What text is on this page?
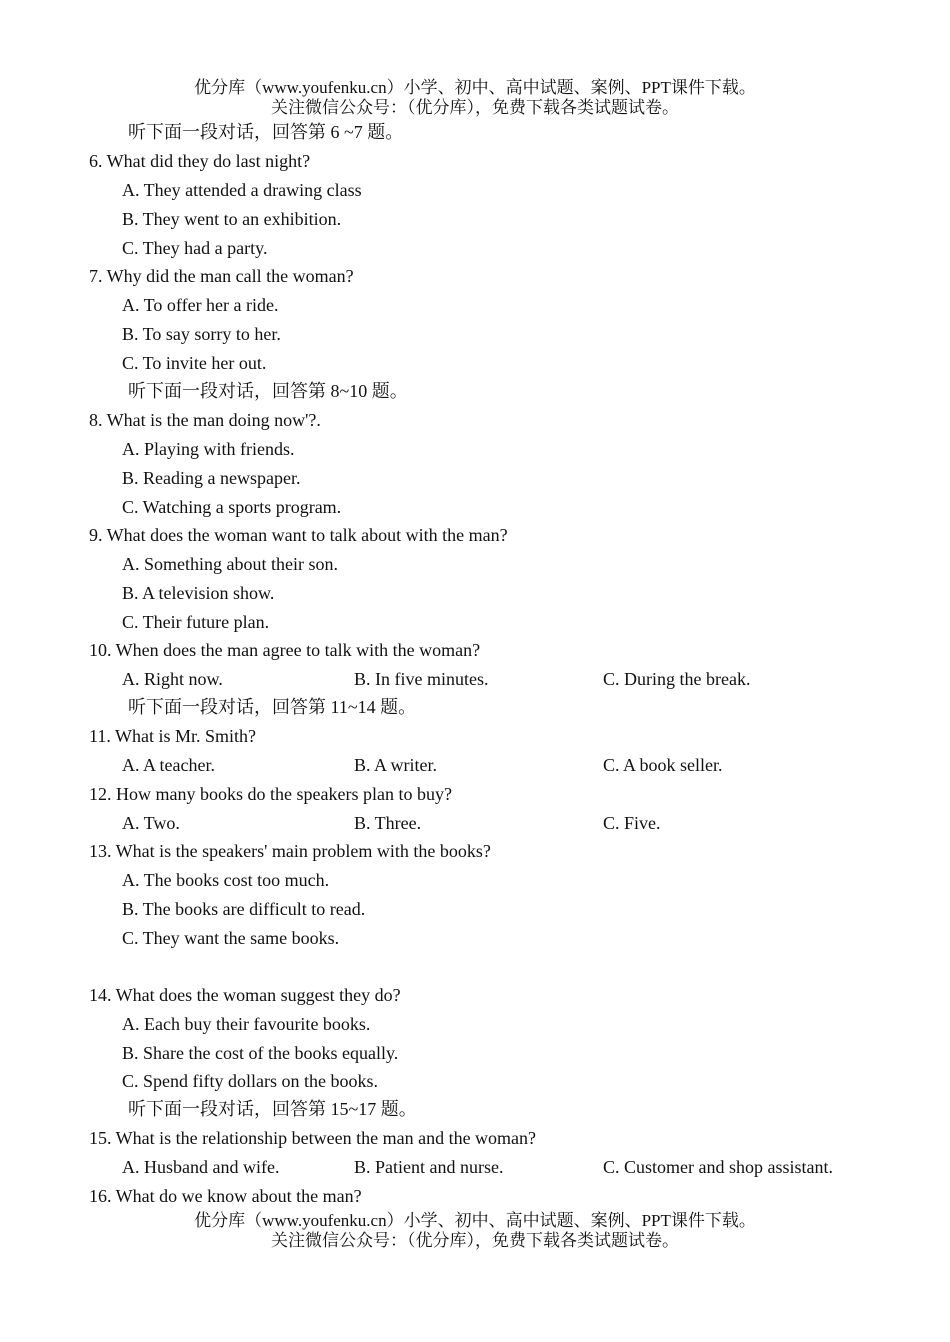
优分库（www.youfenku.cn）小学、初中、高中试题、案例、PPT课件下载。
关注微信公众号：（优分库），免费下载各类试题试卷。
听下面一段对话，回答第 6 ~7 题。
6. What did they do last night?
A. They attended a drawing class
B. They went to an exhibition.
C. They had a party.
7. Why did the man call the woman?
A. To offer her a ride.
B. To say sorry to her.
C. To invite her out.
听下面一段对话，回答第 8~10 题。
8. What is the man doing now'?.
A. Playing with friends.
B. Reading a newspaper.
C. Watching a sports program.
9. What does the woman want to talk about with the man?
A. Something about their son.
B. A television show.
C. Their future plan.
10. When does the man agree to talk with the woman?
A. Right now.	B. In five minutes.	C. During the break.
听下面一段对话，回答第 11~14 题。
11. What is Mr. Smith?
A. A teacher.	B. A writer.	C. A book seller.
12. How many books do the speakers plan to buy?
A. Two.	B. Three.	C. Five.
13. What is the speakers' main problem with the books?
A. The books cost too much.
B. The books are difficult to read.
C. They want the same books.
14. What does the woman suggest they do?
A. Each buy their favourite books.
B. Share the cost of the books equally.
C. Spend fifty dollars on the books.
听下面一段对话，回答第 15~17 题。
15. What is the relationship between the man and the woman?
A. Husband and wife.	B. Patient and nurse.	C. Customer and shop assistant.
16. What do we know about the man?
优分库（www.youfenku.cn）小学、初中、高中试题、案例、PPT课件下载。
关注微信公众号：（优分库），免费下载各类试题试卷。
